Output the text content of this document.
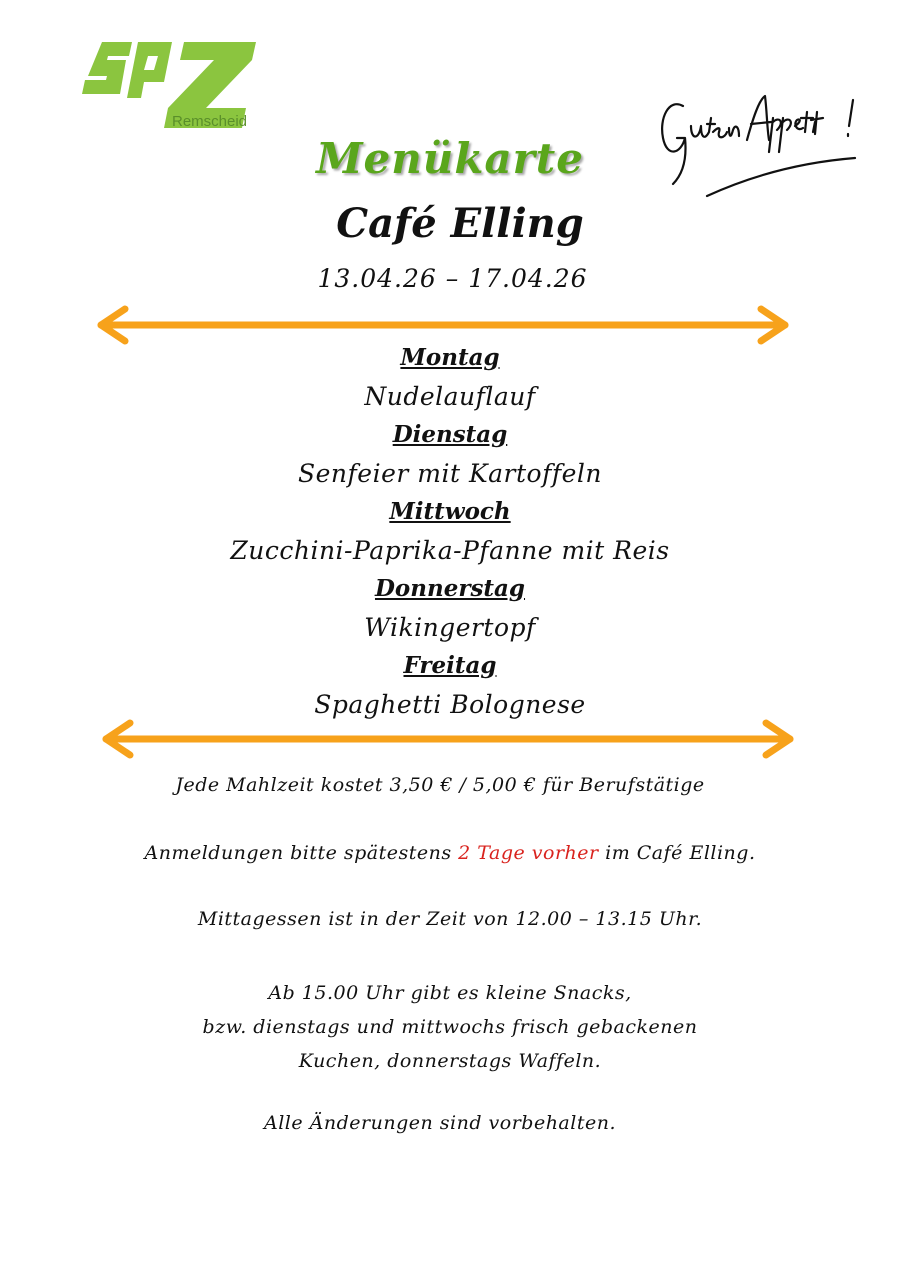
Remscheid
Menükarte
Café Elling
13.04.26 – 17.04.26
Montag
Nudelauflauf
Dienstag
Senfeier mit Kartoffeln
Mittwoch
Zucchini-Paprika-Pfanne mit Reis
Donnerstag
Wikingertopf
Freitag
Spaghetti Bolognese
Jede Mahlzeit kostet 3,50 € / 5,00 € für Berufstätige
Anmeldungen bitte spätestens 2 Tage vorher im Café Elling.
Mittagessen ist in der Zeit von 12.00 – 13.15 Uhr.
Ab 15.00 Uhr gibt es kleine Snacks,
bzw. dienstags und mittwochs frisch gebackenen
Kuchen, donnerstags Waffeln.
Alle Änderungen sind vorbehalten.
